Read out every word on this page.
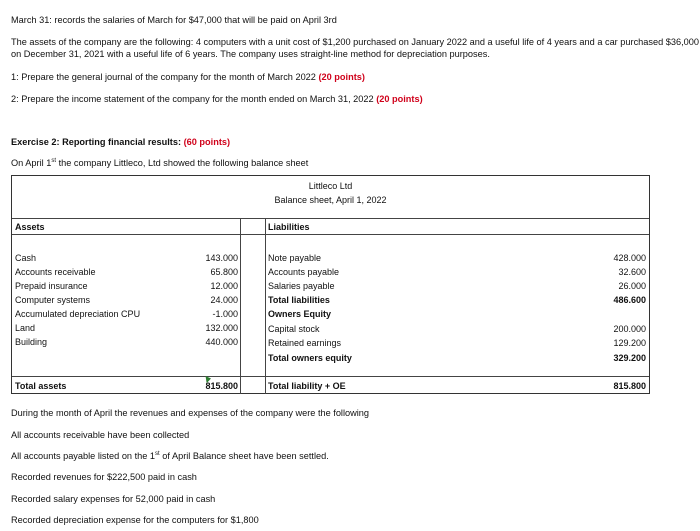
March 31: records the salaries of March for $47,000 that will be paid on April 3rd
The assets of the company are the following: 4 computers with a unit cost of $1,200 purchased on January 2022 and a useful life of 4 years and a car purchased $36,000 on December 31, 2021 with a useful life of 6 years. The company uses straight-line method for depreciation purposes.
1: Prepare the general journal of the company for the month of March 2022 (20 points)
2: Prepare the income statement of the company for the month ended on March 31, 2022 (20 points)
Exercise 2: Reporting financial results: (60 points)
On April 1st the company Littleco, Ltd showed the following balance sheet
Littleco Ltd
Balance sheet, April 1, 2022
Assets	Liabilities
Cash	143.000
Accounts receivable	65.800
Prepaid insurance	12.000
Computer systems	24.000
Accumulated depreciation CPU	-1.000
Land	132.000
Building	440.000
Note payable	428.000
Accounts payable	32.600
Salaries payable	26.000
Total liabilities	486.600
Owners Equity
Capital stock	200.000
Retained earnings	129.200
Total owners equity	329.200
Total assets	815.800	Total liability + OE	815.800
During the month of April the revenues and expenses of the company were the following
All accounts receivable have been collected
All accounts payable listed on the 1st of April Balance sheet have been settled.
Recorded revenues for $222,500 paid in cash
Recorded salary expenses for 52,000 paid in cash
Recorded depreciation expense for the computers for $1,800
